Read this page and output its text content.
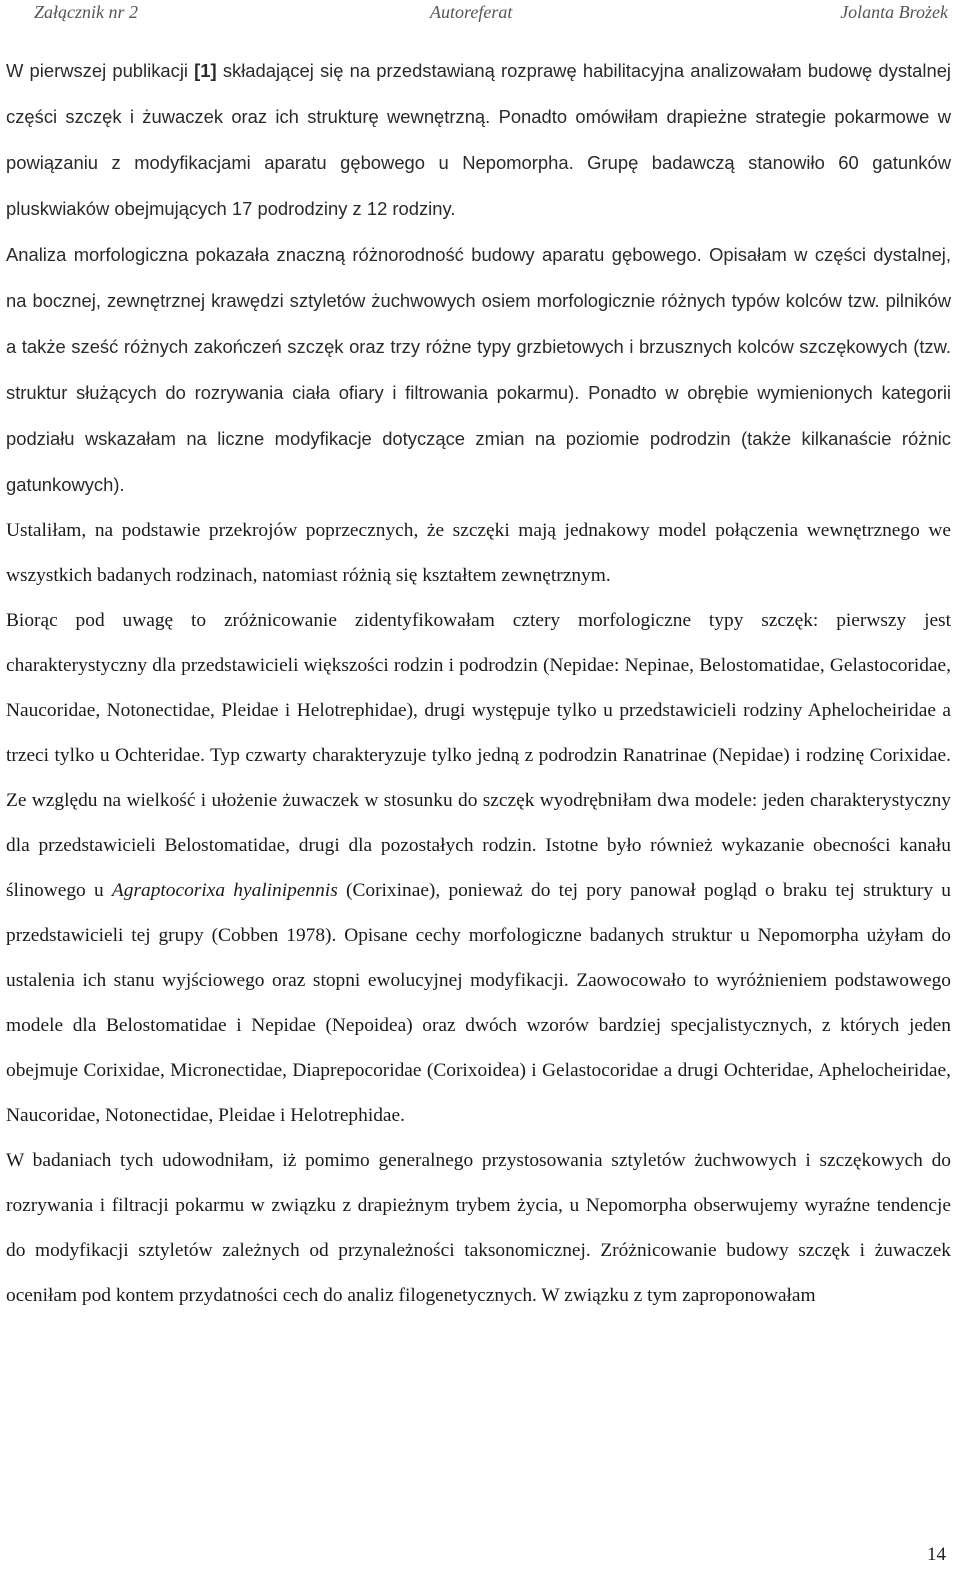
Załącznik nr 2	Autoreferat	Jolanta Brożek

W pierwszej publikacji [1] składającej się na przedstawianą rozprawę habilitacyjna analizowałam budowę dystalnej części szczęk i żuwaczek oraz ich strukturę wewnętrzną. Ponadto omówiłam drapieżne strategie pokarmowe w powiązaniu z modyfikacjami aparatu gębowego u Nepomorpha. Grupę badawczą stanowiło 60 gatunków pluskwiaków obejmujących 17 podrodziny z 12 rodziny.

Analiza morfologiczna pokazała znaczną różnorodność budowy aparatu gębowego. Opisałam w części dystalnej, na bocznej, zewnętrznej krawędzi sztyletów żuchwowych osiem morfologicznie różnych typów kolców tzw. pilników a także sześć różnych zakończeń szczęk oraz trzy różne typy grzbietowych i brzusznych kolców szczękowych (tzw. struktur służących do rozrywania ciała ofiary i filtrowania pokarmu). Ponadto w obrębie wymienionych kategorii podziału wskazałam na liczne modyfikacje dotyczące zmian na poziomie podrodzin (także kilkanaście różnic gatunkowych).

Ustaliłam, na podstawie przekrojów poprzecznych, że szczęki mają jednakowy model połączenia wewnętrznego we wszystkich badanych rodzinach, natomiast różnią się kształtem zewnętrznym.

Biorąc pod uwagę to zróżnicowanie zidentyfikowałam cztery morfologiczne typy szczęk: pierwszy jest charakterystyczny dla przedstawicieli większości rodzin i podrodzin (Nepidae: Nepinae, Belostomatidae, Gelastocoridae, Naucoridae, Notonectidae, Pleidae i Helotrephidae), drugi występuje tylko u przedstawicieli rodziny Aphelocheiridae a trzeci tylko u Ochteridae. Typ czwarty charakteryzuje tylko jedną z podrodzin Ranatrinae (Nepidae) i rodzinę Corixidae. Ze względu na wielkość i ułożenie żuwaczek w stosunku do szczęk wyodrębniłam dwa modele: jeden charakterystyczny dla przedstawicieli Belostomatidae, drugi dla pozostałych rodzin. Istotne było również wykazanie obecności kanału ślinowego u Agraptocorixa hyalinipennis (Corixinae), ponieważ do tej pory panował pogląd o braku tej struktury u przedstawicieli tej grupy (Cobben 1978). Opisane cechy morfologiczne badanych struktur u Nepomorpha użyłam do ustalenia ich stanu wyjściowego oraz stopni ewolucyjnej modyfikacji. Zaowocowało to wyróżnieniem podstawowego modele dla Belostomatidae i Nepidae (Nepoidea) oraz dwóch wzorów bardziej specjalistycznych, z których jeden obejmuje Corixidae, Micronectidae, Diaprepocoridae (Corixoidea) i Gelastocoridae a drugi Ochteridae, Aphelocheiridae, Naucoridae, Notonectidae, Pleidae i Helotrephidae.

W badaniach tych udowodniłam, iż pomimo generalnego przystosowania sztyletów żuchwowych i szczękowych do rozrywania i filtracji pokarmu w związku z drapieżnym trybem życia, u Nepomorpha obserwujemy wyraźne tendencje do modyfikacji sztyletów zależnych od przynależności taksonomicznej. Zróżnicowanie budowy szczęk i żuwaczek oceniłam pod kontem przydatności cech do analiz filogenetycznych. W związku z tym zaproponowałam

14
